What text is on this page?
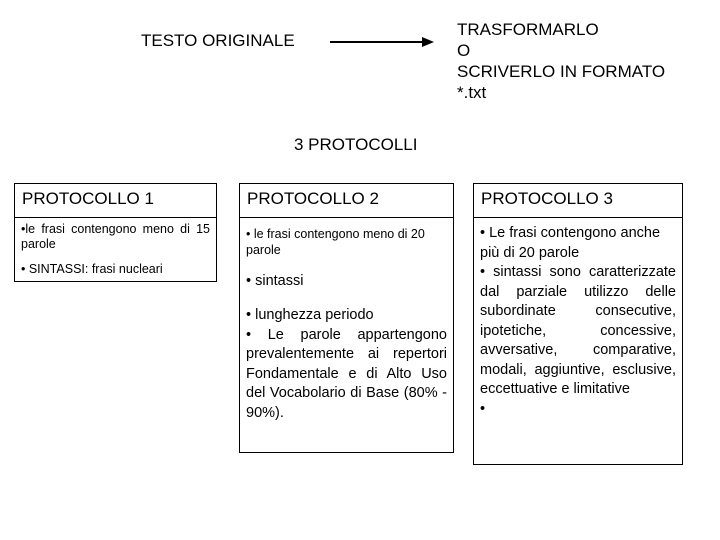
TESTO ORIGINALE
TRASFORMARLO
O
SCRIVERLO IN FORMATO
*.txt
3 PROTOCOLLI
PROTOCOLLO 1
•le frasi contengono meno di 15 parole
• SINTASSI: frasi nucleari
PROTOCOLLO 2
• le frasi contengono meno di 20 parole
• sintassi
• lunghezza periodo
• Le parole appartengono prevalentemente ai repertori Fondamentale e di Alto Uso del Vocabolario di Base (80% - 90%).
PROTOCOLLO 3
• Le frasi contengono anche più di 20 parole
• sintassi sono caratterizzate dal parziale utilizzo delle subordinate consecutive, ipotetiche, concessive, avversative, comparative, modali, aggiuntive, esclusive, eccettuative e limitative
•
